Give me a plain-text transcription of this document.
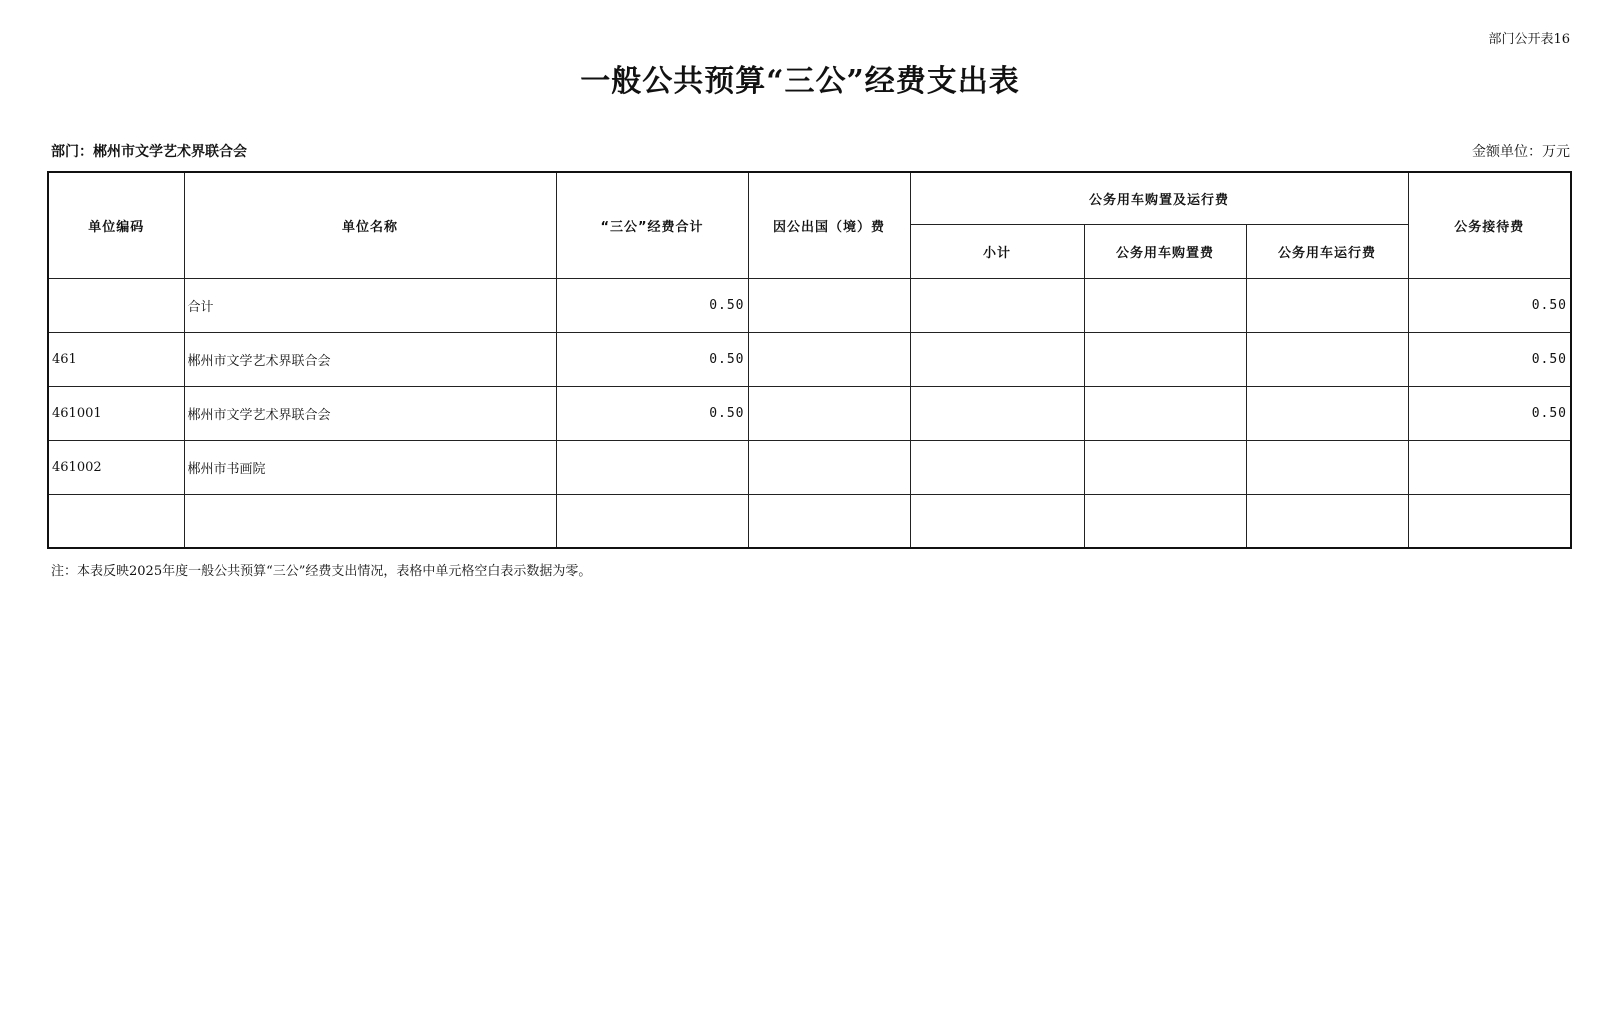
部门公开表16
一般公共预算“三公”经费支出表
部门：郴州市文学艺术界联合会	金额单位：万元
单位编码	单位名称	“三公”经费合计	因公出国（境）费	公务用车购置及运行费			公务接待费
				小计	公务用车购置费	公务用车运行费	
	合计	0.50					0.50
461	郴州市文学艺术界联合会	0.50					0.50
461001	郴州市文学艺术界联合会	0.50					0.50
461002	郴州市书画院						

注：本表反映2025年度一般公共预算“三公”经费支出情况，表格中单元格空白表示数据为零。
